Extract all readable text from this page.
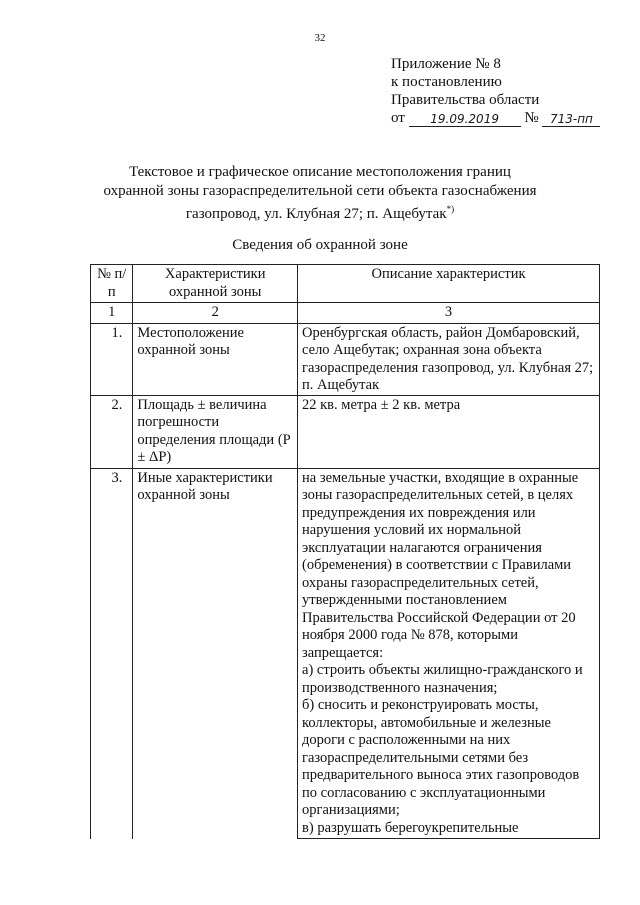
32
Приложение № 8
к постановлению
Правительства области
от 19.09.2019 № 713-пп
Текстовое и графическое описание местоположения границ
охранной зоны газораспределительной сети объекта газоснабжения
газопровод, ул. Клубная 27; п. Ащебутак*)
Сведения об охранной зоне
№ п/п	Характеристики охранной зоны	Описание характеристик
1	2	3
1.	Местоположение охранной зоны	Оренбургская область, район Домбаровский, село Ащебутак; охранная зона объекта газораспределения газопровод, ул. Клубная 27; п. Ащебутак
2.	Площадь ± величина погрешности определения площади (P ± ΔP)	22 кв. метра ± 2 кв. метра
3.	Иные характеристики охранной зоны	на земельные участки, входящие в охранные зоны газораспределительных сетей, в целях предупреждения их повреждения или нарушения условий их нормальной эксплуатации налагаются ограничения (обременения) в соответствии с Правилами охраны газораспределительных сетей, утвержденными постановлением Правительства Российской Федерации от 20 ноября 2000 года № 878, которыми запрещается:
а) строить объекты жилищно-гражданского и производственного назначения;
б) сносить и реконструировать мосты, коллекторы, автомобильные и железные дороги с расположенными на них газораспределительными сетями без предварительного выноса этих газопроводов по согласованию с эксплуатационными организациями;
в) разрушать берегоукрепительные
